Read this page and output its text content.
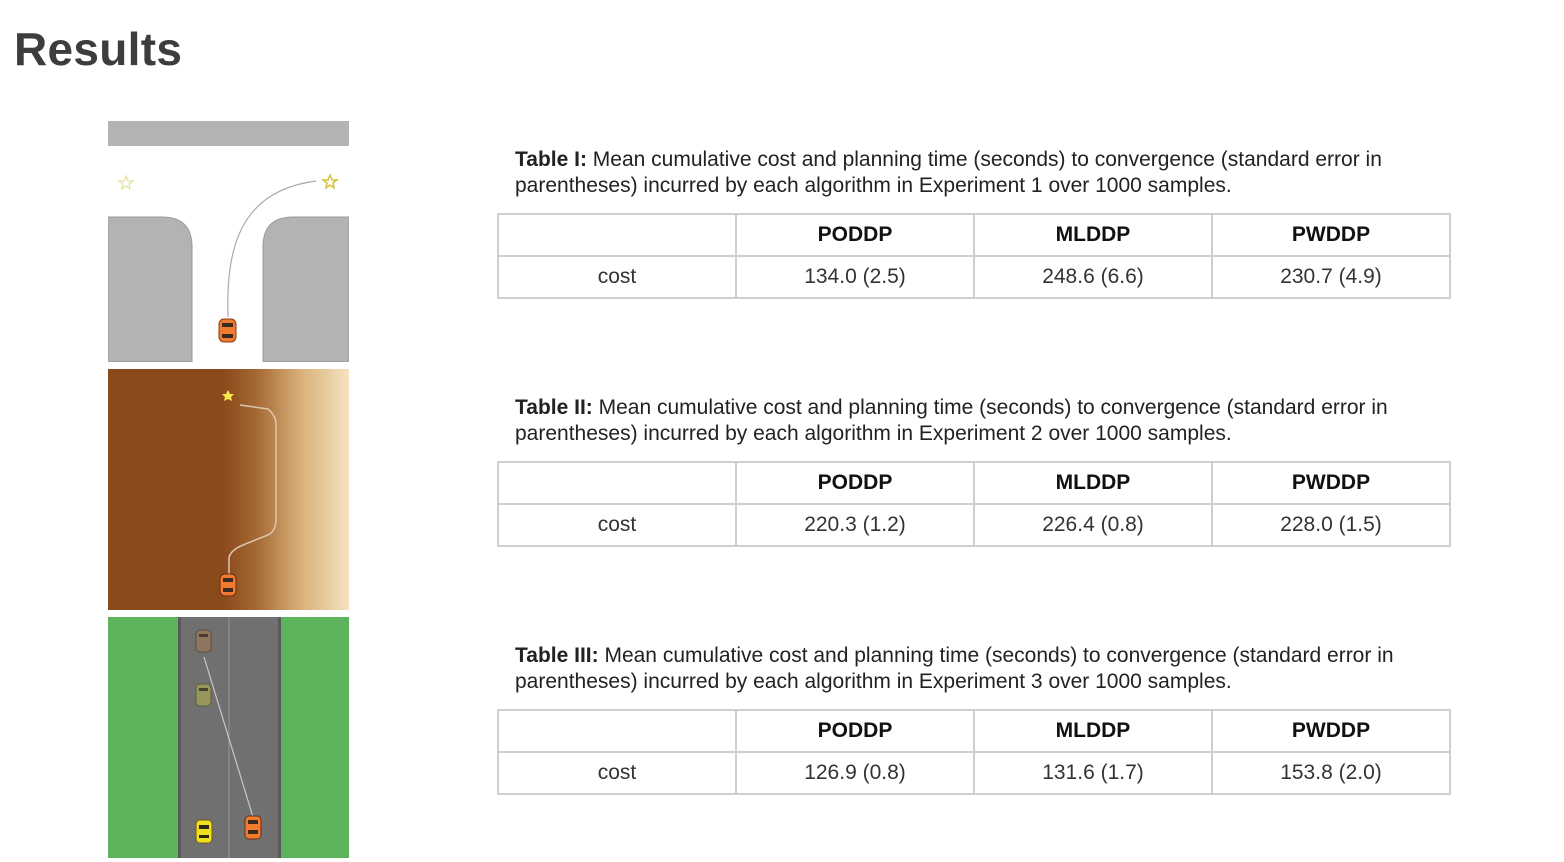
Results
Table I: Mean cumulative cost and planning time (seconds) to convergence (standard error in parentheses) incurred by each algorithm in Experiment 1 over 1000 samples.
	PODDP	MLDDP	PWDDP
cost	134.0 (2.5)	248.6 (6.6)	230.7 (4.9)
Table II: Mean cumulative cost and planning time (seconds) to convergence (standard error in parentheses) incurred by each algorithm in Experiment 2 over 1000 samples.
	PODDP	MLDDP	PWDDP
cost	220.3 (1.2)	226.4 (0.8)	228.0 (1.5)
Table III: Mean cumulative cost and planning time (seconds) to convergence (standard error in parentheses) incurred by each algorithm in Experiment 3 over 1000 samples.
	PODDP	MLDDP	PWDDP
cost	126.9 (0.8)	131.6 (1.7)	153.8 (2.0)
